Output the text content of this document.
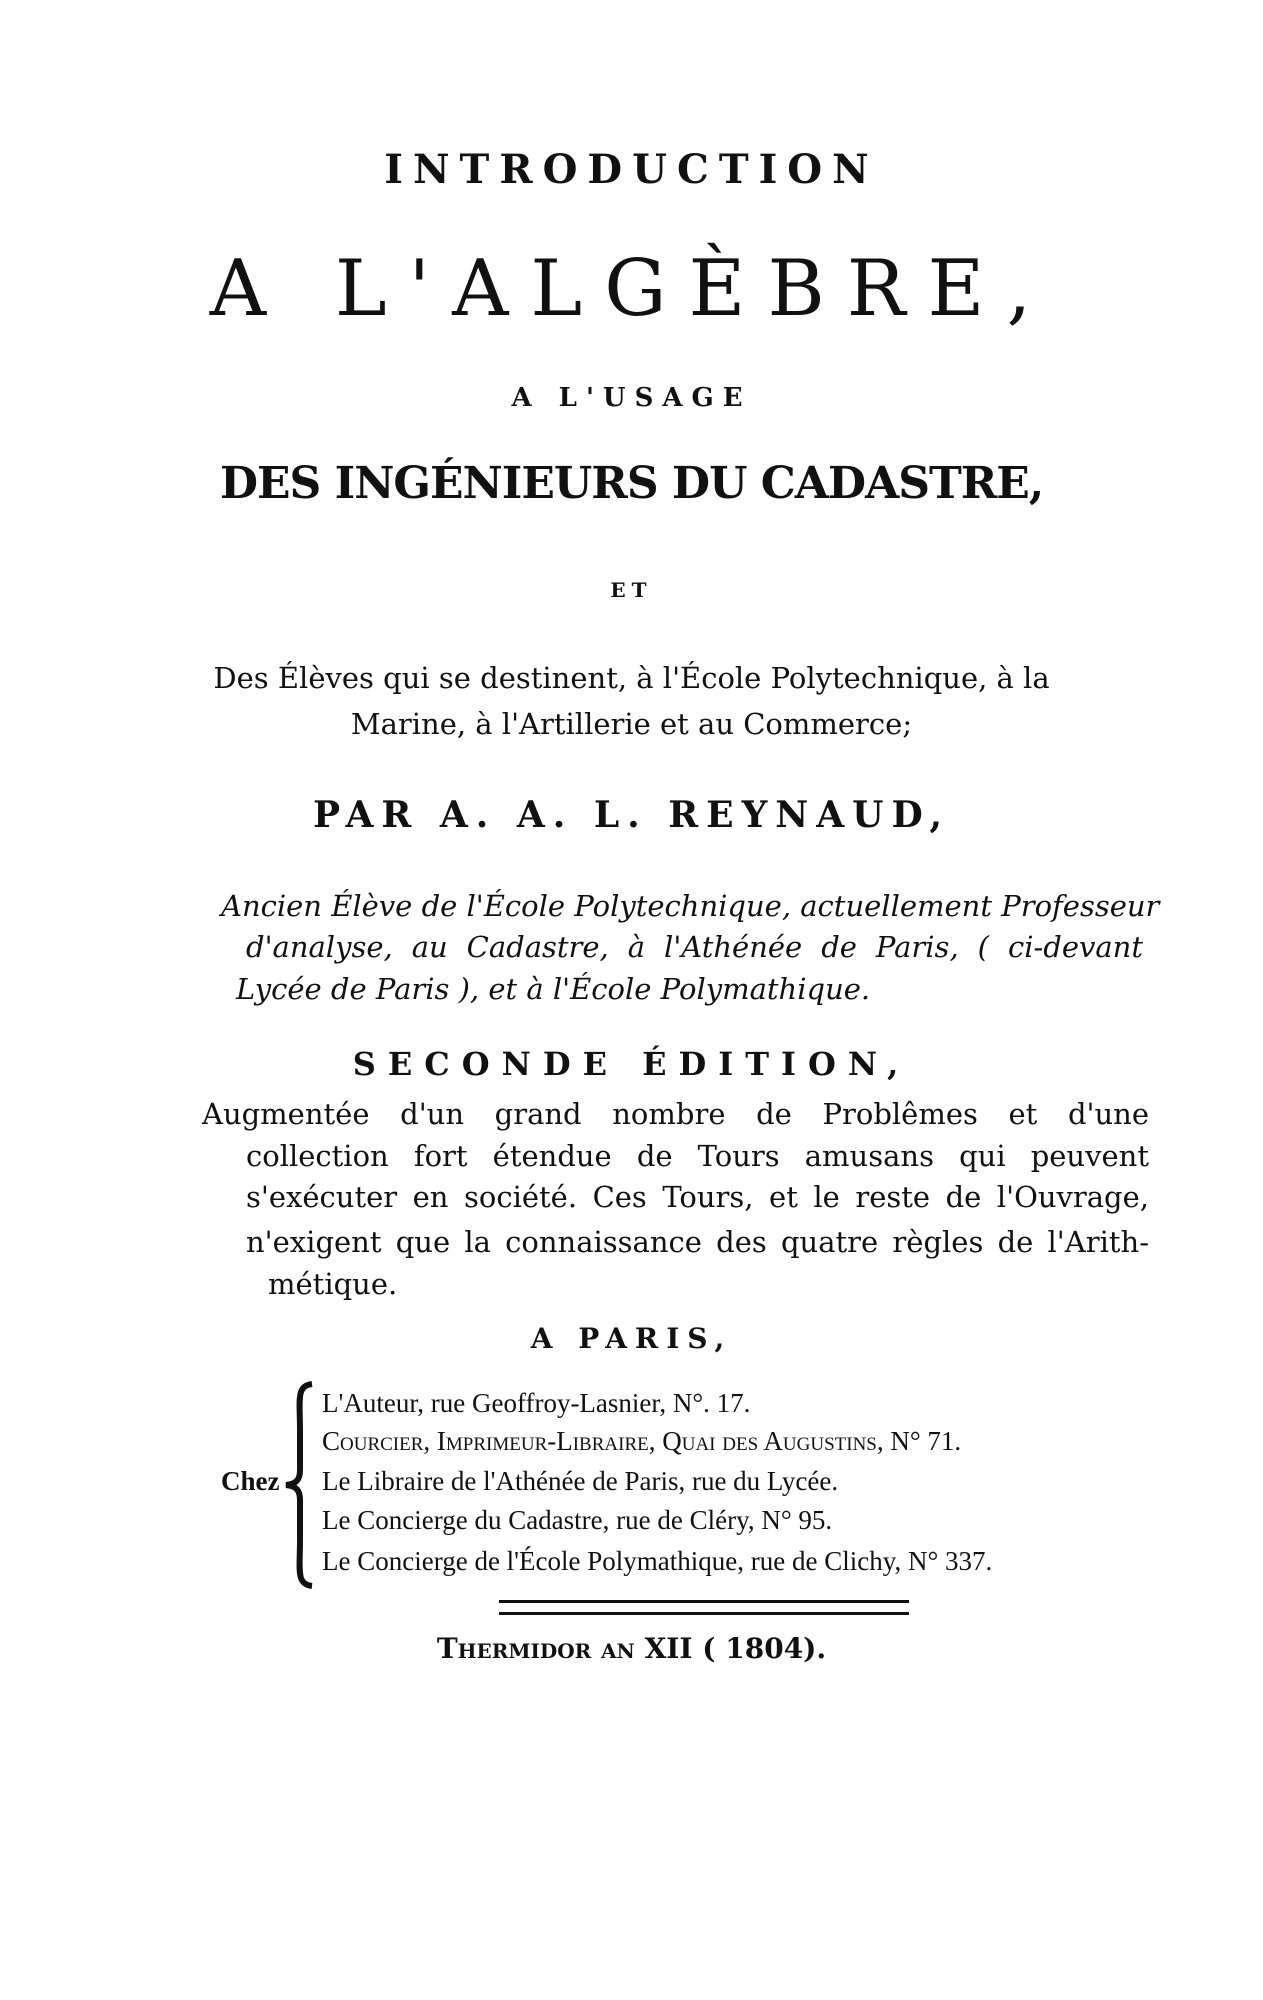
INTRODUCTION
A L'ALGÈBRE,
A L'USAGE
DES INGÉNIEURS DU CADASTRE,
ET
Des Élèves qui se destinent, à l'École Polytechnique, à la
Marine, à l'Artillerie et au Commerce;
PAR A. A. L. REYNAUD,
Ancien Élève de l'École Polytechnique, actuellement Professeur
d'analyse, au Cadastre, à l'Athénée de Paris, ( ci-devant
Lycée de Paris ), et à l'École Polymathique.
SECONDE ÉDITION,
Augmentée d'un grand nombre de Problêmes et d'une
collection fort étendue de Tours amusans qui peuvent
s'exécuter en société. Ces Tours, et le reste de l'Ouvrage,
n'exigent que la connaissance des quatre règles de l'Arith-
métique.
A PARIS,
Chez
L'Auteur, rue Geoffroy-Lasnier, N°. 17.
Courcier, Imprimeur-Libraire, Quai des Augustins, N° 71.
Le Libraire de l'Athénée de Paris, rue du Lycée.
Le Concierge du Cadastre, rue de Cléry, N° 95.
Le Concierge de l'École Polymathique, rue de Clichy, N° 337.
Thermidor an XII ( 1804).
